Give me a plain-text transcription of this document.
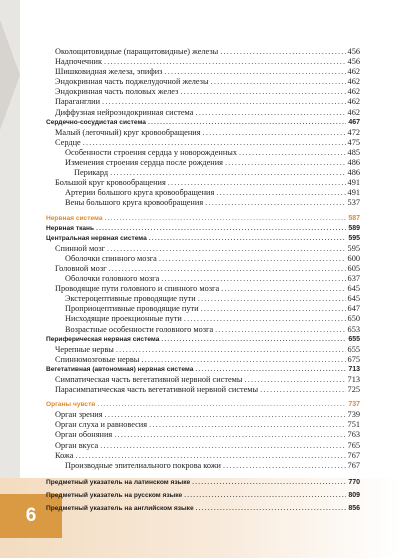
6
Околощитовидные (паращитовидные) железы .....	456
Надпочечник .....	456
Шишковидная железа, эпифиз .....	462
Эндокринная часть поджелудочной железы .....	462
Эндокринная часть половых желез .....	462
Параганглии .....	462
Диффузная нейроэндокринная система .....	462
Сердечно-сосудистая система .....	467
Малый (легочный) круг кровообращения .....	472
Сердце .....	475
Особенности строения сердца у новорожденных .....	485
Изменения строения сердца после рождения .....	486
Перикард .....	486
Большой круг кровообращения .....	491
Артерии большого круга кровообращения .....	491
Вены большого круга кровообращения .....	537
Нервная система .....	587
Нервная ткань .....	589
Центральная нервная система .....	595
Спинной мозг .....	595
Оболочки спинного мозга .....	600
Головной мозг .....	605
Оболочки головного мозга .....	637
Проводящие пути головного и спинного мозга .....	645
Экстероцептивные проводящие пути .....	645
Проприоцептивные проводящие пути .....	647
Нисходящие проекционные пути .....	650
Возрастные особенности головного мозга .....	653
Периферическая нервная система .....	655
Черепные нервы .....	655
Спинномозговые нервы .....	675
Вегетативная (автономная) нервная система .....	713
Симпатическая часть вегетативной нервной системы .....	713
Парасимпатическая часть вегетативной нервной системы .....	725
Органы чувств .....	737
Орган зрения .....	739
Орган слуха и равновесия .....	751
Орган обоняния .....	763
Орган вкуса .....	765
Кожа .....	767
Производные эпителиального покрова кожи .....	767
Предметный указатель на латинском языке .....	770
Предметный указатель на русском языке .....	809
Предметный указатель на английском языке .....	856
